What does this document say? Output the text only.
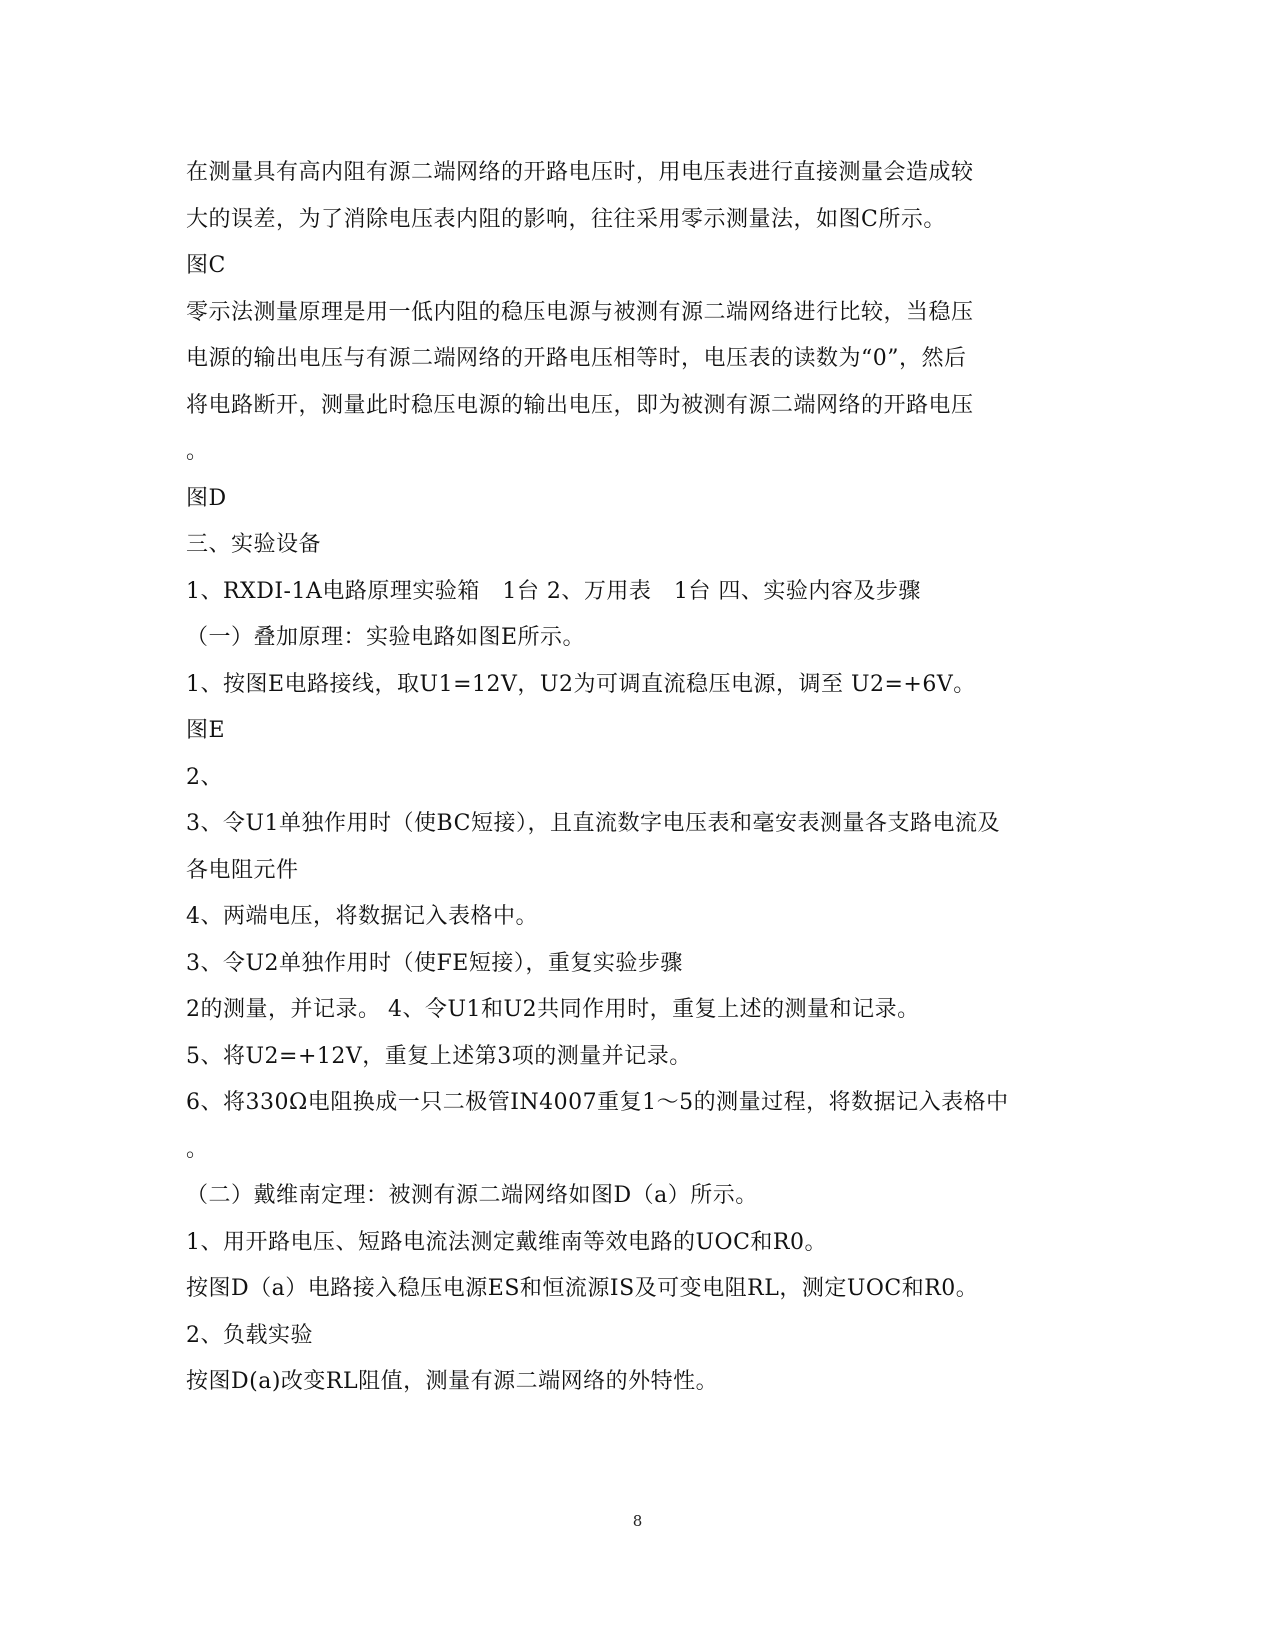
在测量具有高内阻有源二端网络的开路电压时，用电压表进行直接测量会造成较
大的误差，为了消除电压表内阻的影响，往往采用零示测量法，如图C所示。
图C
零示法测量原理是用一低内阻的稳压电源与被测有源二端网络进行比较，当稳压
电源的输出电压与有源二端网络的开路电压相等时，电压表的读数为“0”，然后
将电路断开，测量此时稳压电源的输出电压，即为被测有源二端网络的开路电压
。
图D
三、实验设备
1、RXDI-1A电路原理实验箱　1台 2、万用表　1台 四、实验内容及步骤
（一）叠加原理：实验电路如图E所示。
1、按图E电路接线，取U1=12V，U2为可调直流稳压电源，调至 U2=+6V。
图E
2、
3、令U1单独作用时（使BC短接），且直流数字电压表和毫安表测量各支路电流及
各电阻元件
4、两端电压，将数据记入表格中。
3、令U2单独作用时（使FE短接），重复实验步骤
2的测量，并记录。 4、令U1和U2共同作用时，重复上述的测量和记录。
5、将U2=+12V，重复上述第3项的测量并记录。
6、将330Ω电阻换成一只二极管IN4007重复1～5的测量过程，将数据记入表格中
。
（二）戴维南定理：被测有源二端网络如图D（a）所示。
1、用开路电压、短路电流法测定戴维南等效电路的UOC和R0。
按图D（a）电路接入稳压电源ES和恒流源IS及可变电阻RL，测定UOC和R0。
2、负载实验
按图D(a)改变RL阻值，测量有源二端网络的外特性。
8
